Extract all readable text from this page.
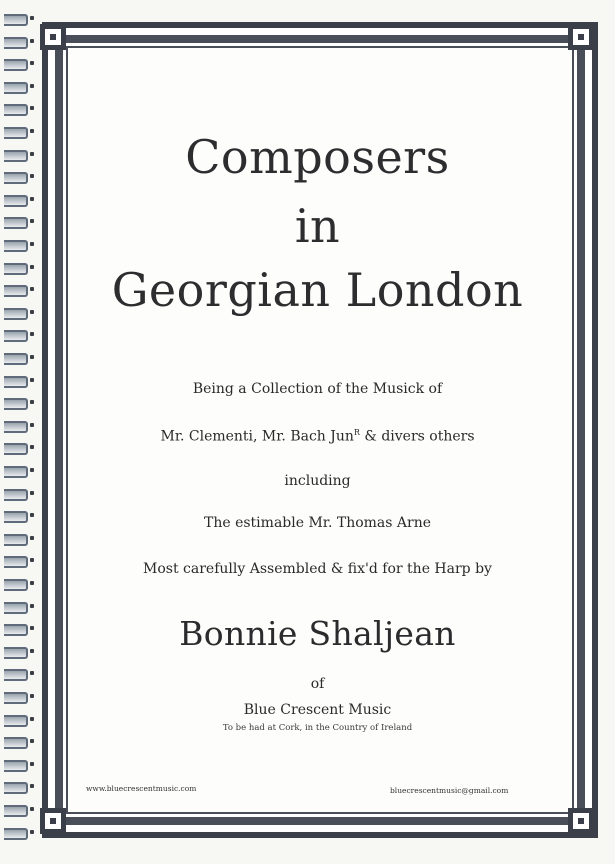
Composers
in
Georgian London
Being a Collection of the Musick of
Mr. Clementi, Mr. Bach Jun$^R$ & divers others
including
The estimable Mr. Thomas Arne
Most carefully Assembled & fix'd for the Harp by
Bonnie Shaljean
of
Blue Crescent Music
To be had at Cork, in the Country of Ireland
www.bluecrescentmusic.com	bluecrescentmusic@gmail.com
